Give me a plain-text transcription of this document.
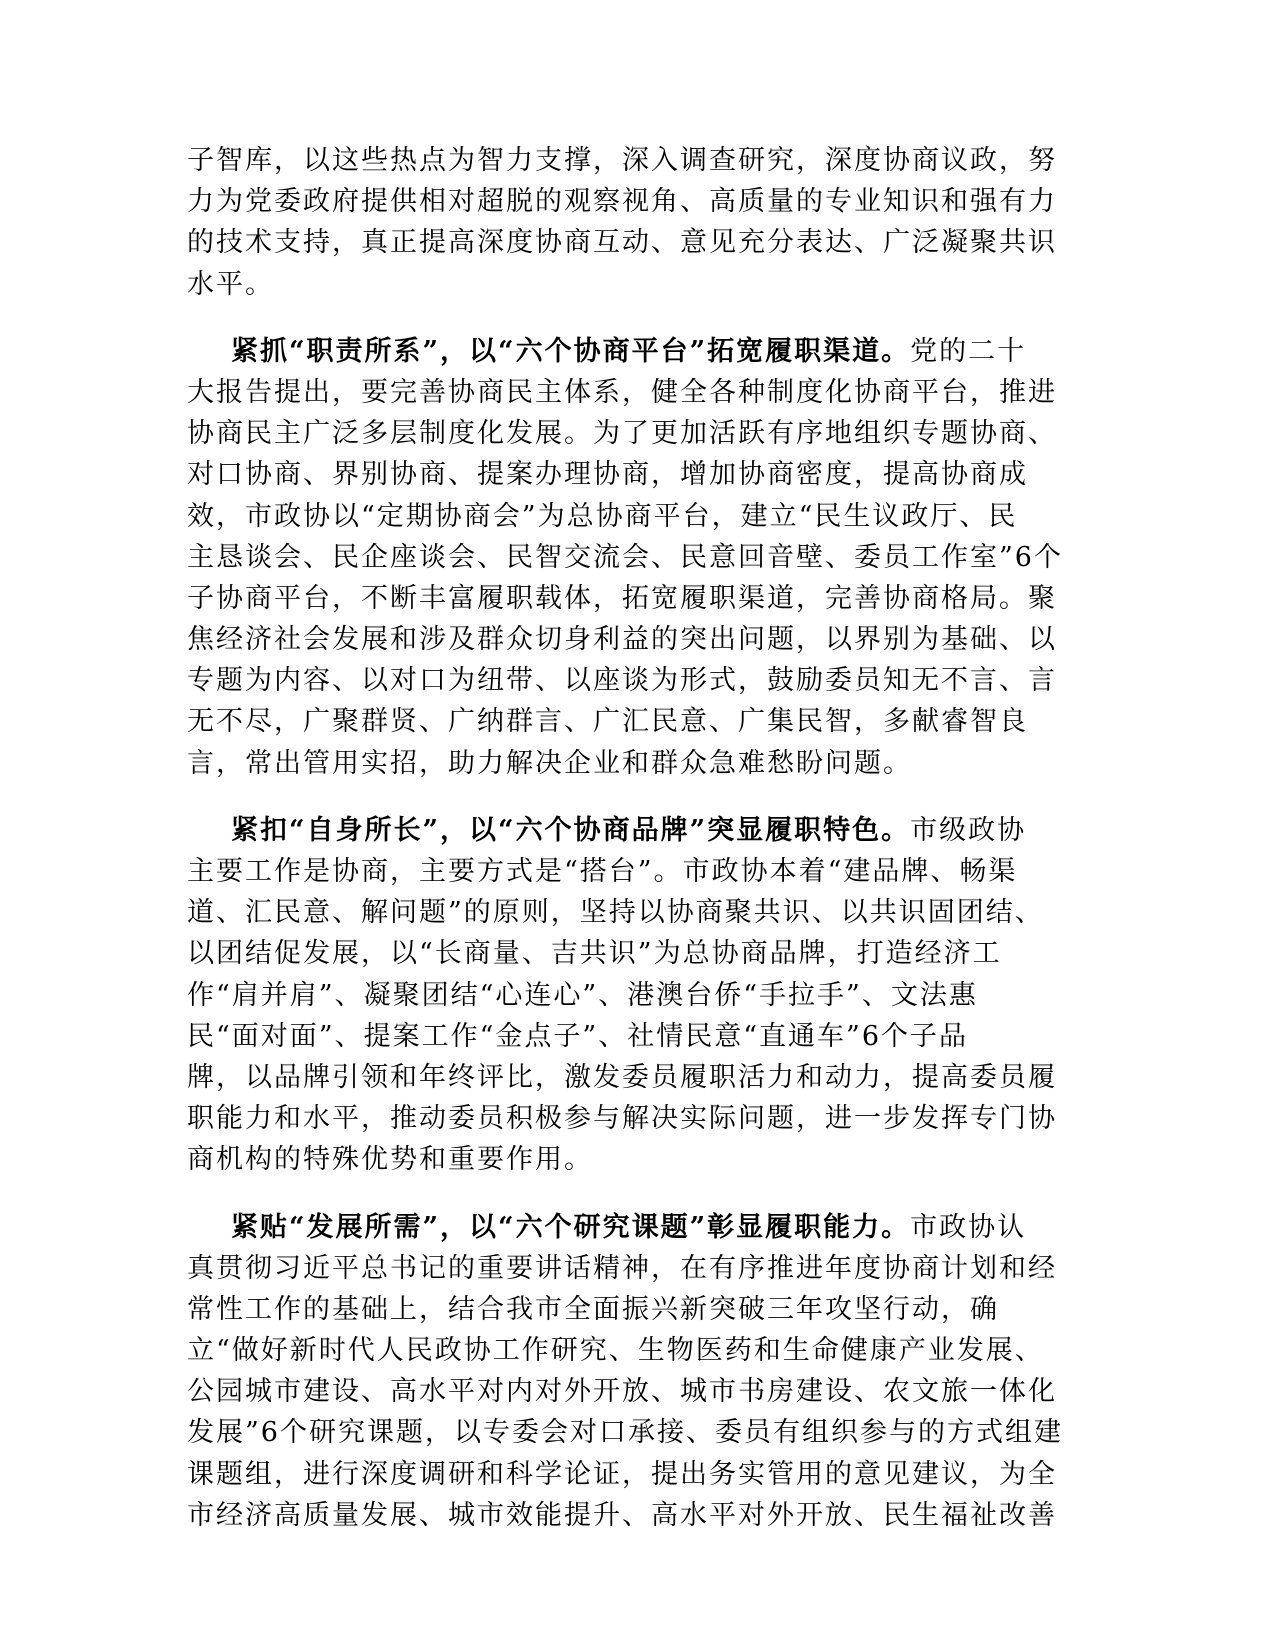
子智库，以这些热点为智力支撑，深入调查研究，深度协商议政，努
力为党委政府提供相对超脱的观察视角、高质量的专业知识和强有力
的技术支持，真正提高深度协商互动、意见充分表达、广泛凝聚共识
水平。
紧抓“职责所系”，以“六个协商平台”拓宽履职渠道。党的二十
大报告提出，要完善协商民主体系，健全各种制度化协商平台，推进
协商民主广泛多层制度化发展。为了更加活跃有序地组织专题协商、
对口协商、界别协商、提案办理协商，增加协商密度，提高协商成
效，市政协以“定期协商会”为总协商平台，建立“民生议政厅、民
主恳谈会、民企座谈会、民智交流会、民意回音壁、委员工作室”6个
子协商平台，不断丰富履职载体，拓宽履职渠道，完善协商格局。聚
焦经济社会发展和涉及群众切身利益的突出问题，以界别为基础、以
专题为内容、以对口为纽带、以座谈为形式，鼓励委员知无不言、言
无不尽，广聚群贤、广纳群言、广汇民意、广集民智，多献睿智良
言，常出管用实招，助力解决企业和群众急难愁盼问题。
紧扣“自身所长”，以“六个协商品牌”突显履职特色。市级政协
主要工作是协商，主要方式是“搭台”。市政协本着“建品牌、畅渠
道、汇民意、解问题”的原则，坚持以协商聚共识、以共识固团结、
以团结促发展，以“长商量、吉共识”为总协商品牌，打造经济工
作“肩并肩”、凝聚团结“心连心”、港澳台侨“手拉手”、文法惠
民“面对面”、提案工作“金点子”、社情民意“直通车”6个子品
牌，以品牌引领和年终评比，激发委员履职活力和动力，提高委员履
职能力和水平，推动委员积极参与解决实际问题，进一步发挥专门协
商机构的特殊优势和重要作用。
紧贴“发展所需”，以“六个研究课题”彰显履职能力。市政协认
真贯彻习近平总书记的重要讲话精神，在有序推进年度协商计划和经
常性工作的基础上，结合我市全面振兴新突破三年攻坚行动，确
立“做好新时代人民政协工作研究、生物医药和生命健康产业发展、
公园城市建设、高水平对内对外开放、城市书房建设、农文旅一体化
发展”6个研究课题，以专委会对口承接、委员有组织参与的方式组建
课题组，进行深度调研和科学论证，提出务实管用的意见建议，为全
市经济高质量发展、城市效能提升、高水平对外开放、民生福祉改善
